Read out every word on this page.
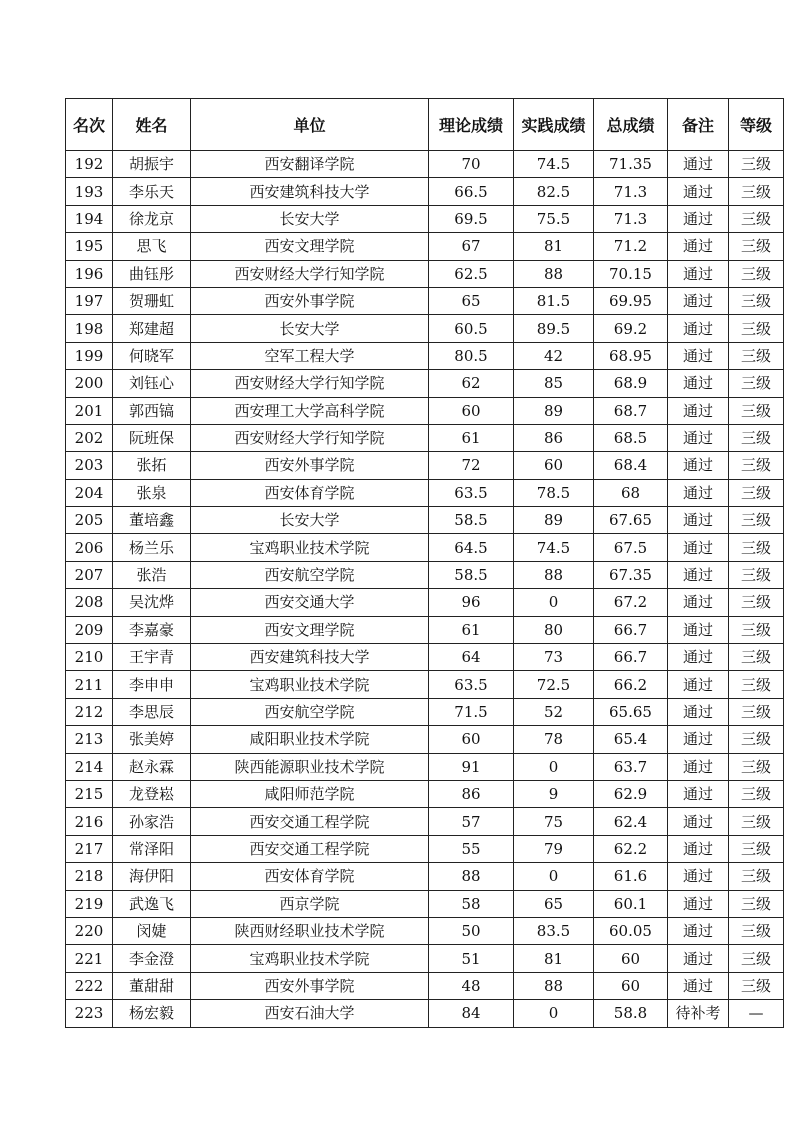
名次	姓名	单位	理论成绩	实践成绩	总成绩	备注	等级
192	胡振宇	西安翻译学院	70	74.5	71.35	通过	三级
193	李乐天	西安建筑科技大学	66.5	82.5	71.3	通过	三级
194	徐龙京	长安大学	69.5	75.5	71.3	通过	三级
195	思飞	西安文理学院	67	81	71.2	通过	三级
196	曲钰彤	西安财经大学行知学院	62.5	88	70.15	通过	三级
197	贺珊虹	西安外事学院	65	81.5	69.95	通过	三级
198	郑建超	长安大学	60.5	89.5	69.2	通过	三级
199	何晓军	空军工程大学	80.5	42	68.95	通过	三级
200	刘钰心	西安财经大学行知学院	62	85	68.9	通过	三级
201	郭西镐	西安理工大学高科学院	60	89	68.7	通过	三级
202	阮班保	西安财经大学行知学院	61	86	68.5	通过	三级
203	张拓	西安外事学院	72	60	68.4	通过	三级
204	张泉	西安体育学院	63.5	78.5	68	通过	三级
205	董培鑫	长安大学	58.5	89	67.65	通过	三级
206	杨兰乐	宝鸡职业技术学院	64.5	74.5	67.5	通过	三级
207	张浩	西安航空学院	58.5	88	67.35	通过	三级
208	吴沈烨	西安交通大学	96	0	67.2	通过	三级
209	李嘉豪	西安文理学院	61	80	66.7	通过	三级
210	王宇青	西安建筑科技大学	64	73	66.7	通过	三级
211	李申申	宝鸡职业技术学院	63.5	72.5	66.2	通过	三级
212	李思辰	西安航空学院	71.5	52	65.65	通过	三级
213	张美婷	咸阳职业技术学院	60	78	65.4	通过	三级
214	赵永霖	陕西能源职业技术学院	91	0	63.7	通过	三级
215	龙登崧	咸阳师范学院	86	9	62.9	通过	三级
216	孙家浩	西安交通工程学院	57	75	62.4	通过	三级
217	常泽阳	西安交通工程学院	55	79	62.2	通过	三级
218	海伊阳	西安体育学院	88	0	61.6	通过	三级
219	武逸飞	西京学院	58	65	60.1	通过	三级
220	闵婕	陕西财经职业技术学院	50	83.5	60.05	通过	三级
221	李金澄	宝鸡职业技术学院	51	81	60	通过	三级
222	董甜甜	西安外事学院	48	88	60	通过	三级
223	杨宏毅	西安石油大学	84	0	58.8	待补考	—
